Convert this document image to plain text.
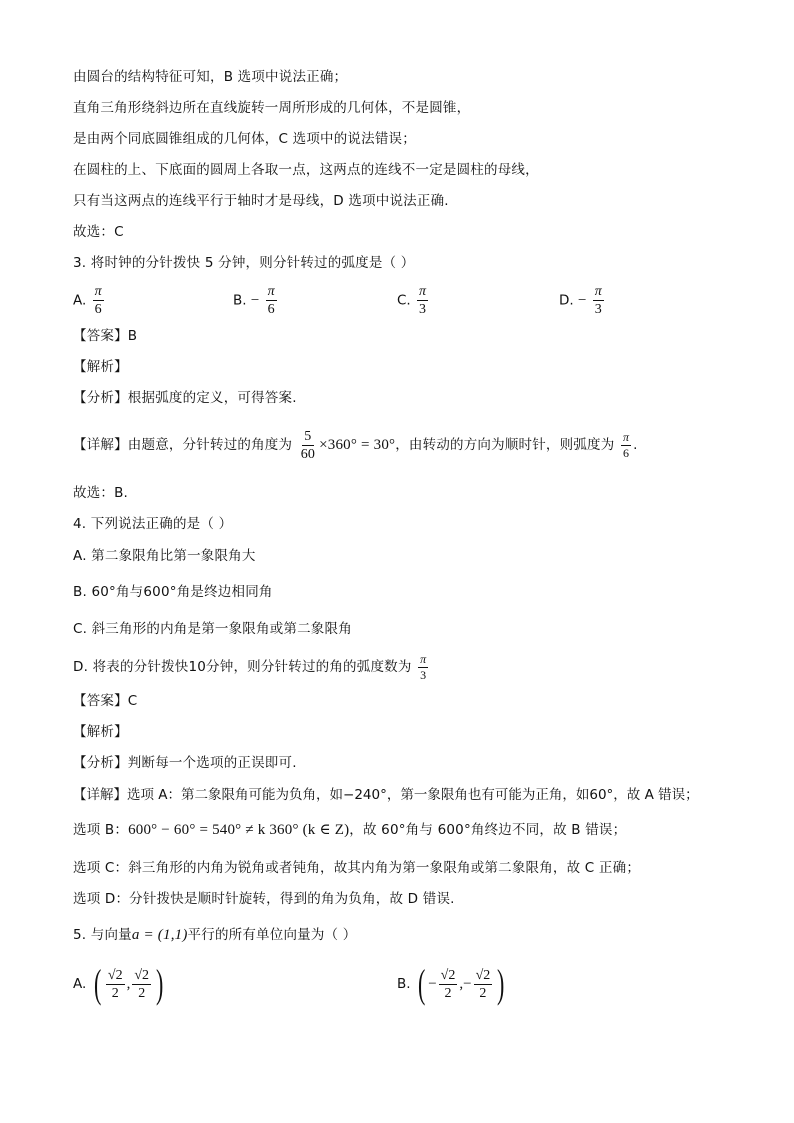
由圆台的结构特征可知，B 选项中说法正确；
直角三角形绕斜边所在直线旋转一周所形成的几何体，不是圆锥，
是由两个同底圆锥组成的几何体，C 选项中的说法错误；
在圆柱的上、下底面的圆周上各取一点，这两点的连线不一定是圆柱的母线，
只有当这两点的连线平行于轴时才是母线，D 选项中说法正确.
故选：C
3. 将时钟的分针拨快 5 分钟，则分针转过的弧度是（ ）
A. $\frac{\pi}{6}$	B. − $\frac{\pi}{6}$	C. $\frac{\pi}{3}$	D. − $\frac{\pi}{3}$
【答案】B
【解析】
【分析】根据弧度的定义，可得答案.
【详解】由题意，分针转过的角度为 $\frac{5}{60} \times 360^\circ = 30^\circ$，由转动的方向为顺时针，则弧度为 $\frac{\pi}{6}$ .
故选：B.
4. 下列说法正确的是（ ）
A. 第二象限角比第一象限角大
B. 60°角与600°角是终边相同角
C. 斜三角形的内角是第一象限角或第二象限角
D. 将表的分针拨快10分钟，则分针转过的角的弧度数为 $\frac{\pi}{3}$
【答案】C
【解析】
【分析】判断每一个选项的正误即可.
【详解】选项 A：第二象限角可能为负角，如−240°，第一象限角也有可能为正角，如60°，故 A 错误；
选项 B：600° − 60° = 540° ≠ k 360° (k ∈ Z)，故 60°角与 600°角终边不同，故 B 错误；
选项 C：斜三角形的内角为锐角或者钝角，故其内角为第一象限角或第二象限角，故 C 正确；
选项 D：分针拨快是顺时针旋转，得到的角为负角，故 D 错误.
5. 与向量a = (1,1)平行的所有单位向量为（ ）
A. ( $\frac{√2}{2}$ , $\frac{√2}{2}$ )	B. ( − $\frac{√2}{2}$ ,− $\frac{√2}{2}$ )
